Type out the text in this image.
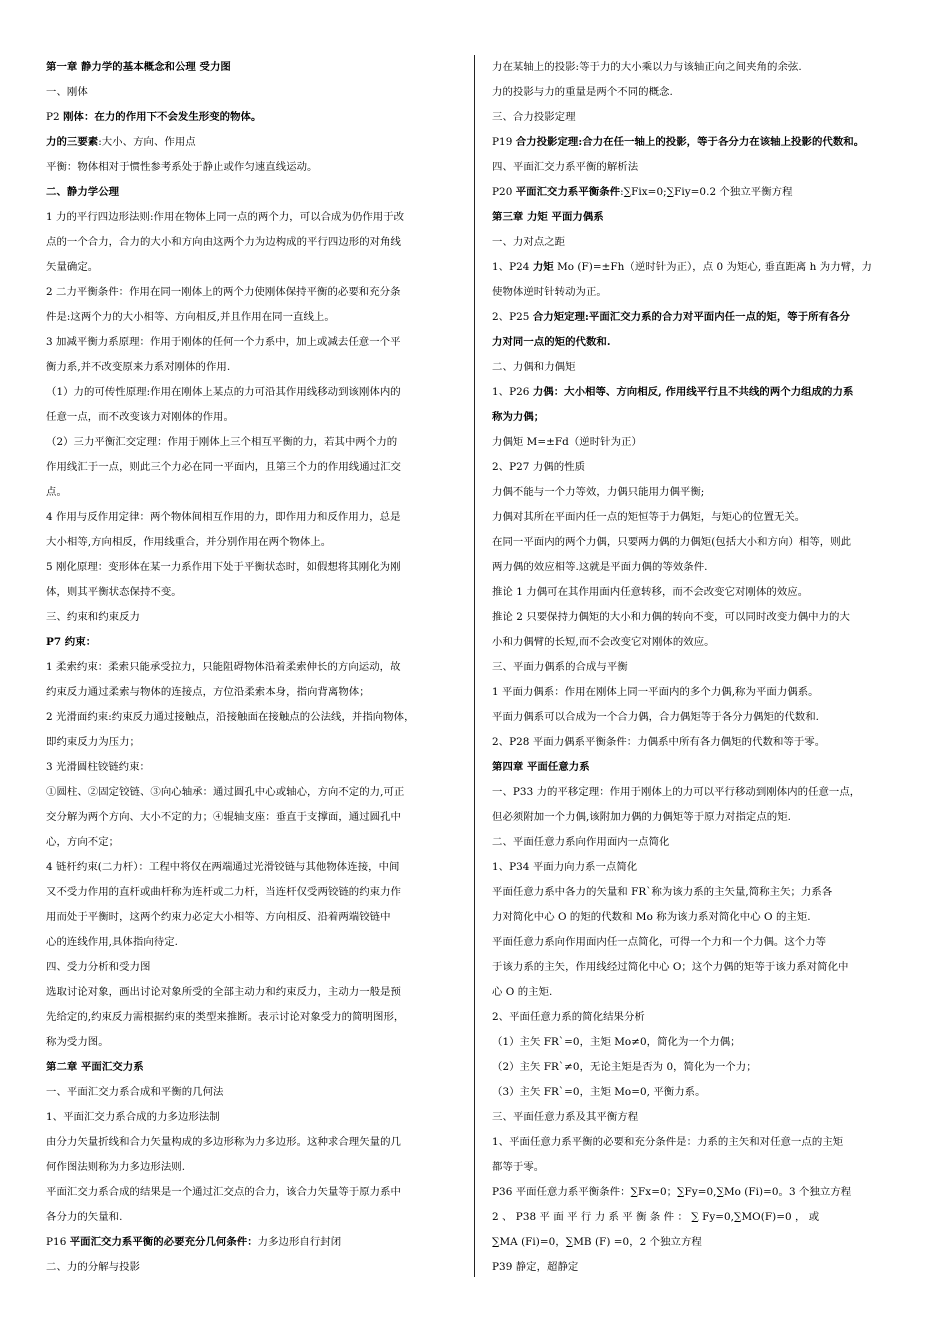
第一章 静力学的基本概念和公理 受力图
一、刚体
P2 刚体：在力的作用下不会发生形变的物体。
力的三要素:大小、方向、作用点
平衡：物体相对于惯性参考系处于静止或作匀速直线运动。
二、静力学公理
1 力的平行四边形法则:作用在物体上同一点的两个力，可以合成为仍作用于改
点的一个合力，合力的大小和方向由这两个力为边构成的平行四边形的对角线
矢量确定。
2 二力平衡条件：作用在同一刚体上的两个力使刚体保持平衡的必要和充分条
件是:这两个力的大小相等、方向相反,并且作用在同一直线上。
3 加减平衡力系原理：作用于刚体的任何一个力系中，加上或减去任意一个平
衡力系,并不改变原来力系对刚体的作用.
（1）力的可传性原理:作用在刚体上某点的力可沿其作用线移动到该刚体内的
任意一点，而不改变该力对刚体的作用。
（2）三力平衡汇交定理：作用于刚体上三个相互平衡的力，若其中两个力的
作用线汇于一点，则此三个力必在同一平面内，且第三个力的作用线通过汇交
点。
4 作用与反作用定律：两个物体间相互作用的力，即作用力和反作用力，总是
大小相等,方向相反，作用线重合，并分别作用在两个物体上。
5 刚化原理：变形体在某一力系作用下处于平衡状态时，如假想将其刚化为刚
体，则其平衡状态保持不变。
三、约束和约束反力
P7 约束：
1 柔索约束：柔索只能承受拉力，只能阻碍物体沿着柔索伸长的方向运动，故
约束反力通过柔索与物体的连接点，方位沿柔索本身，指向背离物体；
2 光滑面约束:约束反力通过接触点，沿接触面在接触点的公法线，并指向物体，
即约束反力为压力；
3 光滑圆柱铰链约束：
①圆柱、②固定铰链、③向心轴承：通过圆孔中心或轴心，方向不定的力,可正
交分解为两个方向、大小不定的力；④辊轴支座：垂直于支撑面，通过圆孔中
心，方向不定；
4 链杆约束(二力杆）：工程中将仅在两端通过光滑铰链与其他物体连接，中间
又不受力作用的直杆或曲杆称为连杆或二力杆，当连杆仅受两铰链的约束力作
用而处于平衡时，这两个约束力必定大小相等、方向相反、沿着两端铰链中
心的连线作用,具体指向待定.
四、受力分析和受力图
选取讨论对象，画出讨论对象所受的全部主动力和约束反力，主动力一般是预
先给定的,约束反力需根据约束的类型来推断。表示讨论对象受力的简明图形，
称为受力图。
第二章 平面汇交力系
一、平面汇交力系合成和平衡的几何法
1、平面汇交力系合成的力多边形法制
由分力矢量折线和合力矢量构成的多边形称为力多边形。这种求合理矢量的几
何作图法则称为力多边形法则.
平面汇交力系合成的结果是一个通过汇交点的合力，该合力矢量等于原力系中
各分力的矢量和.
P16 平面汇交力系平衡的必要充分几何条件：力多边形自行封闭
二、力的分解与投影
力在某轴上的投影:等于力的大小乘以力与该轴正向之间夹角的余弦.
力的投影与力的重量是两个不同的概念.
三、合力投影定理
P19 合力投影定理:合力在任一轴上的投影，等于各分力在该轴上投影的代数和。
四、平面汇交力系平衡的解析法
P20 平面汇交力系平衡条件:∑Fix=0;∑Fiy=0.2 个独立平衡方程
第三章 力矩 平面力偶系
一、力对点之距
1、P24 力矩 Mo (F)=±Fh（逆时针为正），点 0 为矩心, 垂直距离 h 为力臂，力
使物体逆时针转动为正。
2、P25 合力矩定理:平面汇交力系的合力对平面内任一点的矩，等于所有各分
力对同一点的矩的代数和.
二、力偶和力偶矩
1、P26 力偶：大小相等、方向相反, 作用线平行且不共线的两个力组成的力系
称为力偶；
力偶矩 M=±Fd（逆时针为正）
2、P27 力偶的性质
力偶不能与一个力等效，力偶只能用力偶平衡;
力偶对其所在平面内任一点的矩恒等于力偶矩，与矩心的位置无关。
在同一平面内的两个力偶，只要两力偶的力偶矩(包括大小和方向）相等，则此
两力偶的效应相等.这就是平面力偶的等效条件.
推论 1 力偶可在其作用面内任意转移，而不会改变它对刚体的效应。
推论 2 只要保持力偶矩的大小和力偶的转向不变，可以同时改变力偶中力的大
小和力偶臂的长短,而不会改变它对刚体的效应。
三、平面力偶系的合成与平衡
1 平面力偶系：作用在刚体上同一平面内的多个力偶,称为平面力偶系。
平面力偶系可以合成为一个合力偶，合力偶矩等于各分力偶矩的代数和.
2、P28 平面力偶系平衡条件：力偶系中所有各力偶矩的代数和等于零。
第四章 平面任意力系
一、P33 力的平移定理：作用于刚体上的力可以平行移动到刚体内的任意一点，
但必须附加一个力偶,该附加力偶的力偶矩等于原力对指定点的矩.
二、平面任意力系向作用面内一点简化
1、P34 平面力向力系一点简化
平面任意力系中各力的矢量和 FR`称为该力系的主矢量,简称主矢；力系各
力对简化中心 O 的矩的代数和 Mo 称为该力系对简化中心 O 的主矩.
平面任意力系向作用面内任一点简化，可得一个力和一个力偶。这个力等
于该力系的主矢，作用线经过简化中心 O；这个力偶的矩等于该力系对简化中
心 O 的主矩.
2、平面任意力系的简化结果分析
（1）主矢 FR`=0，主矩 Mo≠0，简化为一个力偶；
（2）主矢 FR`≠0，无论主矩是否为 0，简化为一个力；
（3）主矢 FR`=0，主矩 Mo=0, 平衡力系。
三、平面任意力系及其平衡方程
1、平面任意力系平衡的必要和充分条件是：力系的主矢和对任意一点的主矩
都等于零。
P36 平面任意力系平衡条件：∑Fx=0；∑Fy=0,∑Mo (Fi)=0。3 个独立方程
2 、 P38 平 面 平 行 力 系 平 衡 条 件 ： ∑ Fy=0,∑MO(F)=0 ， 或
∑MA (Fi)=0，∑MB (F) =0，2 个独立方程
P39 静定，超静定
